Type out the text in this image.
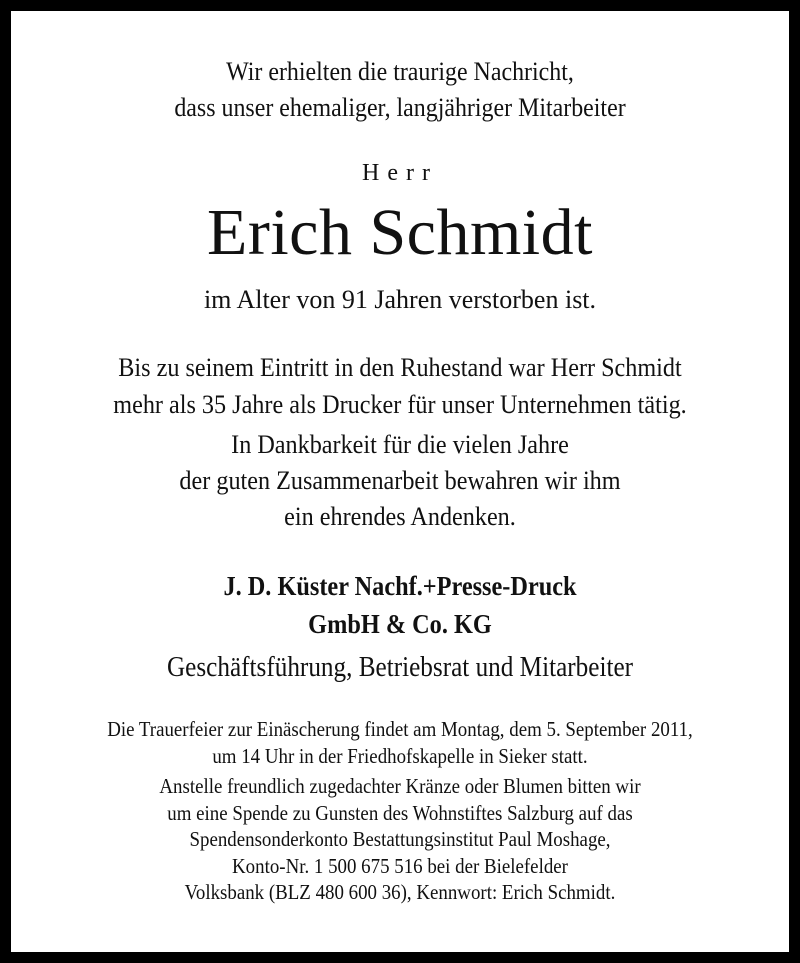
Wir erhielten die traurige Nachricht,
dass unser ehemaliger, langjähriger Mitarbeiter
Herr
Erich Schmidt
im Alter von 91 Jahren verstorben ist.
Bis zu seinem Eintritt in den Ruhestand war Herr Schmidt
mehr als 35 Jahre als Drucker für unser Unternehmen tätig.
In Dankbarkeit für die vielen Jahre
der guten Zusammenarbeit bewahren wir ihm
ein ehrendes Andenken.
J. D. Küster Nachf.+Presse-Druck
GmbH & Co. KG
Geschäftsführung, Betriebsrat und Mitarbeiter
Die Trauerfeier zur Einäscherung findet am Montag, dem 5. September 2011,
um 14 Uhr in der Friedhofskapelle in Sieker statt.
Anstelle freundlich zugedachter Kränze oder Blumen bitten wir
um eine Spende zu Gunsten des Wohnstiftes Salzburg auf das
Spendensonderkonto Bestattungsinstitut Paul Moshage,
Konto-Nr. 1 500 675 516 bei der Bielefelder
Volksbank (BLZ 480 600 36), Kennwort: Erich Schmidt.
